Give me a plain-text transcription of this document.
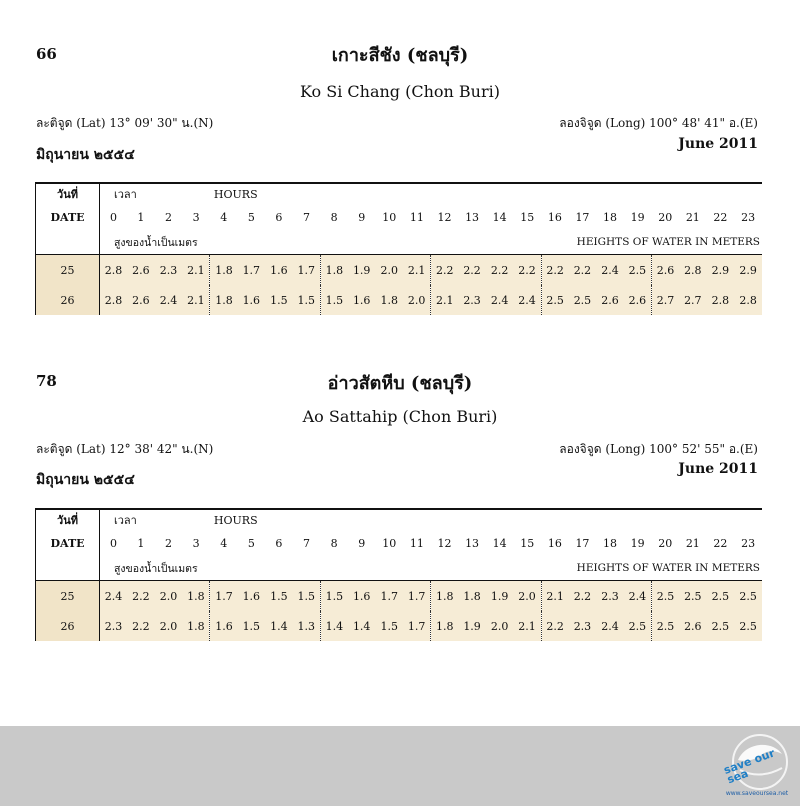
66	เกาะสีชัง (ชลบุรี)
Ko Si Chang (Chon Buri)
ละติจูด (Lat) 13° 09' 30" น.(N)	ลองจิจูด (Long) 100° 48' 41" อ.(E)
มิถุนายน ๒๕๕๔
June 2011
วันที่	เวลา				HOURS																			
DATE	0	1	2	3	4	5	6	7	8	9	10	11	12	13	14	15	16	17	18	19	20	21	22	23
	สูงของน้ำเป็นเมตร												HEIGHTS OF WATER IN METERS											
25	2.8	2.6	2.3	2.1	1.8	1.7	1.6	1.7	1.8	1.9	2.0	2.1	2.2	2.2	2.2	2.2	2.2	2.2	2.4	2.5	2.6	2.8	2.9	2.9
26	2.8	2.6	2.4	2.1	1.8	1.6	1.5	1.5	1.5	1.6	1.8	2.0	2.1	2.3	2.4	2.4	2.5	2.5	2.6	2.6	2.7	2.7	2.8	2.8
78	อ่าวสัตหีบ (ชลบุรี)
Ao Sattahip (Chon Buri)
ละติจูด (Lat) 12° 38' 42" น.(N)	ลองจิจูด (Long) 100° 52' 55" อ.(E)
มิถุนายน ๒๕๕๔
June 2011
วันที่	เวลา				HOURS																			
DATE	0	1	2	3	4	5	6	7	8	9	10	11	12	13	14	15	16	17	18	19	20	21	22	23
	สูงของน้ำเป็นเมตร												HEIGHTS OF WATER IN METERS											
25	2.4	2.2	2.0	1.8	1.7	1.6	1.5	1.5	1.5	1.6	1.7	1.7	1.8	1.8	1.9	2.0	2.1	2.2	2.3	2.4	2.5	2.5	2.5	2.5
26	2.3	2.2	2.0	1.8	1.6	1.5	1.4	1.3	1.4	1.4	1.5	1.7	1.8	1.9	2.0	2.1	2.2	2.3	2.4	2.5	2.5	2.6	2.5	2.5
save our sea
www.saveoursea.net
